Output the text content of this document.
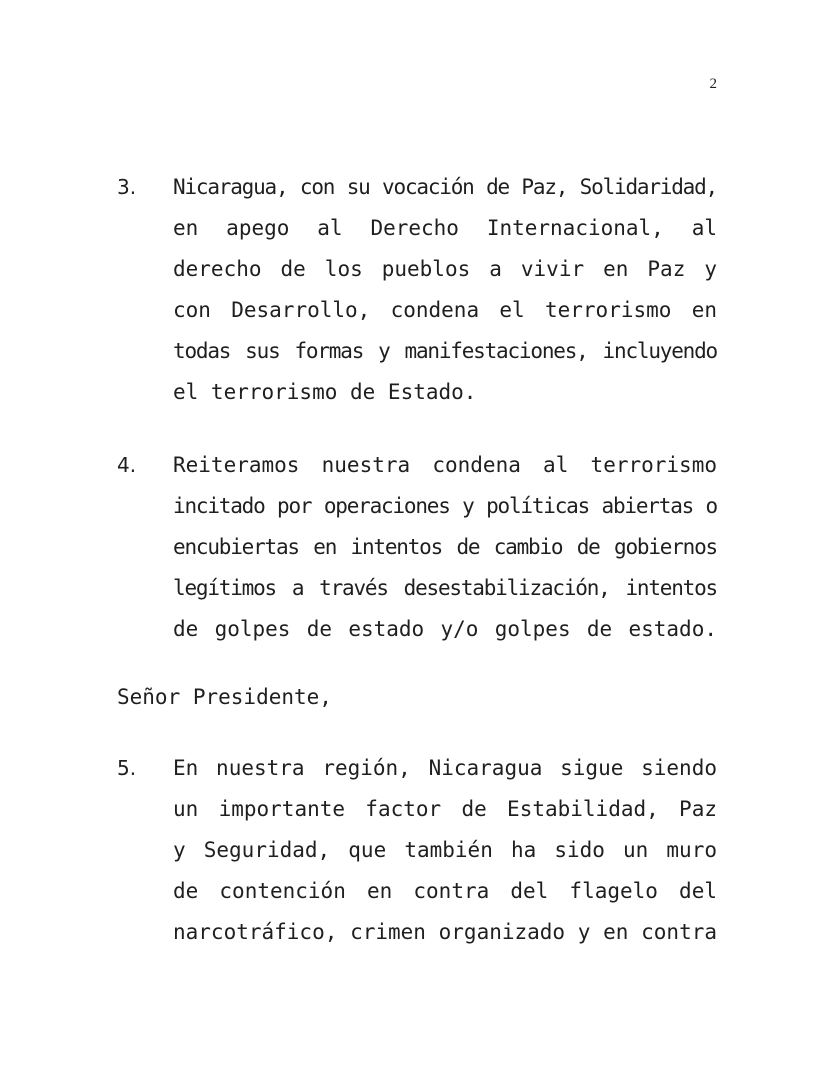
2
3. Nicaragua, con su vocación de Paz, Solidaridad,
en apego al Derecho Internacional, al
derecho de los pueblos a vivir en Paz y
con Desarrollo, condena el terrorismo en
todas sus formas y manifestaciones, incluyendo
el terrorismo de Estado.
4. Reiteramos nuestra condena al terrorismo
incitado por operaciones y políticas abiertas o
encubiertas en intentos de cambio de gobiernos
legítimos a través desestabilización, intentos
de golpes de estado y/o golpes de estado.
Señor Presidente,
5. En nuestra región, Nicaragua sigue siendo
un importante factor de Estabilidad, Paz
y Seguridad, que también ha sido un muro
de contención en contra del flagelo del
narcotráfico, crimen organizado y en contra
